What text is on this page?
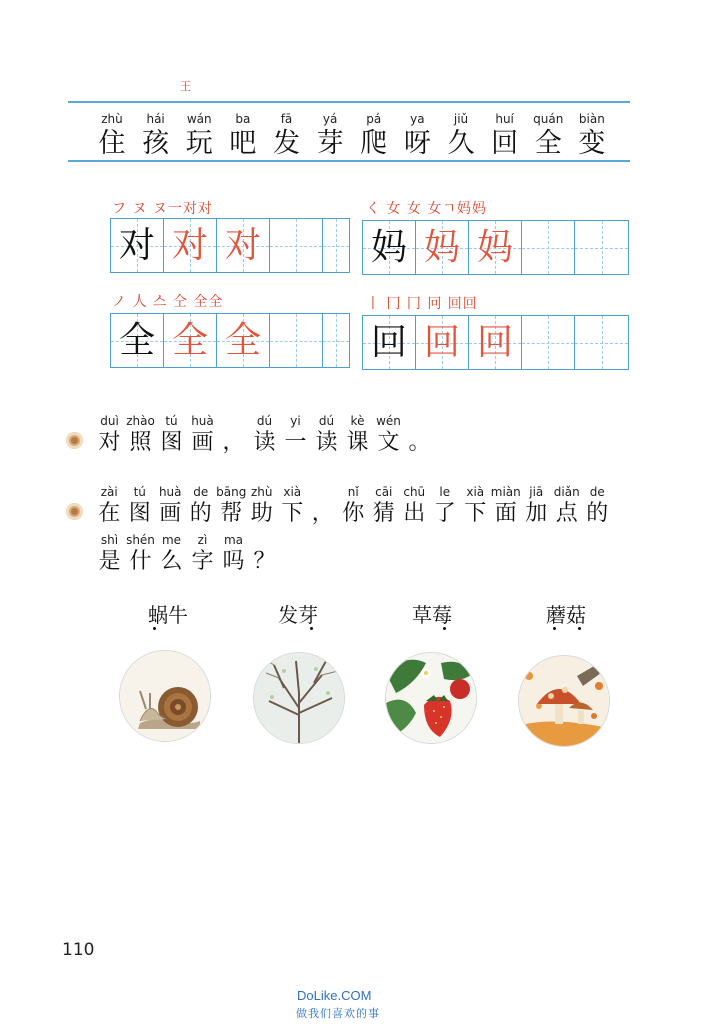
王
zhù
住
hái
孩
wán
玩
ba
吧
fā
发
yá
芽
pá
爬
ya
呀
jiǔ
久
huí
回
quán
全
biàn
变
フ ヌ ヌ一对对
对 对 对
く 女 女 女ㄱ妈妈
妈 妈 妈
ノ 人 스 仝 全全
全 全 全
丨 冂 冂 冋 回回
回 回 回
duì
对
zhào
照
tú
图
huà
画 ，
dú
读
yi
一
dú
读
kè
课
wén
文 。
zài
在
tú
图
huà
画
de
的
bāng
帮
zhù
助
xià
下 ，
nǐ
你
cāi
猜
chū
出
le
了
xià
下
miàn
面
jiā
加
diǎn
点
de
的
shì
是
shén
什
me
么
zì
字
ma
吗 ？
蜗牛	发芽	草莓	蘑菇
110
DoLike.COM
做我们喜欢的事
